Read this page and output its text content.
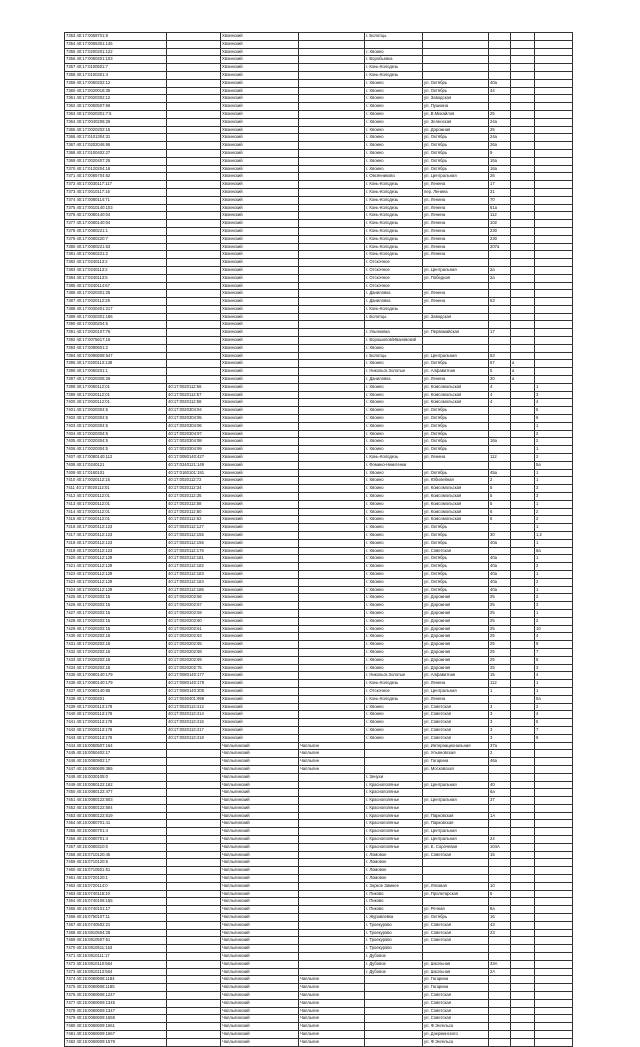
7353 40:17:0059701:8		Хвоинский		г. Болотцы				
7354 40:17:0065301:145		Хвоинский						
7355 40:17:0200201:122		Хвоинский		г. Хвоино				
7356 40:17:0050401:103		Хвоинский		г. Воробьевка				
7357 40:17:0100501:7		Хвоинский		г. Конь-Колодезь				
7358 40:17:0100301:4		Хвоинский		г. Конь-Колодезь				
7359 40:17:0050202:12		Хвоинский		г. Хвоино	ул. Октябрь	40а		
7360 40:17:0020016:35		Хвоинский		г. Хвоино	ул. Октябрь	44		
7361 40:17:0020302:12		Хвоинский		г. Хвоино	ул. Заводская			
7362 40:17:0050507:66		Хвоинский		г. Хвоино	ул. Пушкина			
7363 40:17:0020301:7:6		Хвоинский		г. Хвоино	ул. В.Михайлов	25		
7364 40:17:0040206:26		Хвоинский		г. Хвоино	ул. Зеленская	24а		
7365 40:17:0020202:15		Хвоинский		г. Хвоино	ул. Дорожная	25		
7366 40:17:0101304:31		Хвоинский		г. Хвоино	ул. Октябрь	24а		
7367 40:17:0202046:66		Хвоинский		г. Хвоино	ул. Октябрь	26а		
7368 40:17:0100402:27		Хвоинский		г. Хвоино	ул. Октябрь	9		
7369 40:17:0020407:25		Хвоинский		г. Хвоино	ул. Октябрь	16а		
7370 40:17:0120204:16		Хвоинский		г. Хвоино	ул. Октябрь	16а		
7371 40:17:0065704:62		Хвоинский		г. Овсянниково	ул. Центральная	26		
7372 40:17:0030117:117		Хвоинский		г. Конь-Колодезь	ул. Ленина	17		
7373 40:17:0010117:16		Хвоинский		г. Конь-Колодезь	пер. Ленина	31		
7374 40:17:0080114:71		Хвоинский		г. Конь-Колодезь	ул. Ленина	70		
7375 40:17:0010140:103		Хвоинский		г. Конь-Колодезь	ул. Ленина	61а		
7376 40:17:0080140:04		Хвоинский		г. Конь-Колодезь	ул. Ленина	112		
7377 40:17:0080140:04		Хвоинский		г. Конь-Колодезь	ул. Ленина	102		
7378 40:17:0080221:1		Хвоинский		г. Конь-Колодезь	ул. Ленина	230		
7379 40:17:0080220:7		Хвоинский		г. Конь-Колодезь	ул. Ленина	230		
7380 40:17:0080221:53		Хвоинский		г. Конь-Колодезь	ул. Ленина	207а		
7381 40:17:0060221:2		Хвоинский		г. Конь-Колодезь	ул. Ленина			
7382 40:17:0240113:2		Хвоинский		г. Отскочное				
7383 40:17:0240113:2		Хвоинский		г. Отскочное	ул. Центральная	2а		
7384 40:17:0240113:5		Хвоинский		г. Отскочное	ул. Победная	2а		
7385 40:17:0240114:67		Хвоинский		г. Отскочное				
7386 40:17:0020301:25		Хвоинский		г. Даниловка	ул. Ленина			
7387 40:17:0020112:28		Хвоинский		г. Даниловка	ул. Ленина	53		
7388 40:17:0030401:217		Хвоинский		г. Конь-Колодезь				
7389 40:17:0030301:186		Хвоинский		г. Болотцы	ул. Заводская			
7390 40:17:0030204:5		Хвоинский						
7391 40:17:0020107:76		Хвоинский		г. Ульяновка	ул. Первомайская	17		
7392 40:17:0075617:16		Хвоинский		г. Ворошилов/Ивановский				
7393 40:17:0090601:2		Хвоинский		г. Хвоино				
7394 40:17:0090608:547		Хвоинский		г. Болотцы	ул. Центральная	63		
7395 40:17:0200113:138		Хвоинский		г. Хвоино	ул. Октябрь	67	а	
7396 40:17:0050201:1		Хвоинский		г. Никольск Золотые	ул. Алфавитная	5	а	
7397 40:17:0020306:26		Хвоинский		г. Даниловка	ул. Ленина	30	а	
7398 40:17:0050112:01	40:17:0020112:56	Хвоинский		г. Хвоино	ул. Комсомольская	4		1
7399 40:17:0020112:01	40:17:0020112:57	Хвоинский		г. Хвоино	ул. Комсомольская	4		3
7400 40:17:0020112:01	40:17:0020112:58	Хвоинский		г. Хвоино	ул. Комсомольская	4		4
7401 40:17:0020304:5	40:17:0020304:94	Хвоинский		г. Хвоино	ул. Октябрь			5
7402 40:17:0020304:5	40:17:0020304:95	Хвоинский		г. Хвоино	ул. Октябрь			6
7403 40:17:0020304:5	40:17:0020304:96	Хвоинский		г. Хвоино	ул. Октябрь			1
7404 40:17:0020304:5	40:17:0020304:97	Хвоинский		г. Хвоино	ул. Октябрь			2
7405 40:17:0020304:5	40:17:0020304:98	Хвоинский		г. Хвоино	ул. Октябрь	16а		2
7406 40:17:0020304:5	40:17:0020304:99	Хвоинский		г. Хвоино	ул. Октябрь			1
7407 40:17:0080140:112	40:17:0080140:427	Хвоинский		г. Конь-Колодезь	ул. Ленина	112		2
7408 40:17:0240121	40:17:0240121:149	Хвоинский		г. Фомино-Никитенки				5а
7409 40:17:0160101	40:17:0160101:191	Хвоинский		г. Хвоино	ул. Октябрь	45а		1
7410 40:17:0020112:15	40:17:0020112:72	Хвоинский		г. Хвоино	ул. Юбилейная	2		1
7411 40:17:0020112:01	40:17:0020112:34	Хвоинский		г. Хвоино	ул. Комсомольская	5		3
7412 40:17:0020112:01	40:17:0020112:35	Хвоинский		г. Хвоино	ул. Комсомольская	5		3
7413 40:17:0020112:01	40:17:0020112:58	Хвоинский		г. Хвоино	ул. Комсомольская	5		1
7414 40:17:0020112:01	40:17:0020112:60	Хвоинский		г. Хвоино	ул. Комсомольская	6		2
7415 40:17:0020112:01	40:17:0020112:62	Хвоинский		г. Хвоино	ул. Комсомольская	6		2
7416 40:17:0020112:123	40:17:0020112:127	Хвоинский		г. Хвоино	ул. Октябрь			1
7417 40:17:0020112:123	40:17:0020112:155	Хвоинский		г. Хвоино	ул. Октябрь	30		1,2
7418 40:17:0020112:123	40:17:0020112:156	Хвоинский		г. Хвоино	ул. Октябрь	40а		1
7419 40:17:0020112:123	40:17:0020112:176	Хвоинский		г. Хвоино	ул. Советская			6а
7420 40:17:0020112:129	40:17:0020112:181	Хвоинский		г. Хвоино	ул. Октябрь	40а		1
7421 40:17:0020112:129	40:17:0020112:182	Хвоинский		г. Хвоино	ул. Октябрь	40а		2
7422 40:17:0020112:129	40:17:0020112:183	Хвоинский		г. Хвоино	ул. Октябрь	40а		1
7423 40:17:0020112:129	40:17:0020112:184	Хвоинский		г. Хвоино	ул. Октябрь	40а		2
7424 40:17:0020112:129	40:17:0020112:186	Хвоинский		г. Хвоино	ул. Октябрь	40а		1
7425 40:17:0020202:15	40:17:0020202:56	Хвоинский		г. Хвоино	ул. Дорожная	25		2
7426 40:17:0020202:15	40:17:0020202:57	Хвоинский		г. Хвоино	ул. Дорожная	25		3
7427 40:17:0020202:15	40:17:0020202:59	Хвоинский		г. Хвоино	ул. Дорожная	25		1
7428 40:17:0020202:15	40:17:0020202:60	Хвоинский		г. Хвоино	ул. Дорожная	25		2
7429 40:17:0020202:15	40:17:0020202:61	Хвоинский		г. Хвоино	ул. Дорожная	25		10
7430 40:17:0020202:15	40:17:0020202:63	Хвоинский		г. Хвоино	ул. Дорожная	25		4
7431 40:17:0020202:15	40:17:0020202:65	Хвоинский		г. Хвоино	ул. Дорожная	25		9
7432 40:17:0020202:15	40:17:0020202:68	Хвоинский		г. Хвоино	ул. Дорожная	25		7
7433 40:17:0020202:15	40:17:0020202:69	Хвоинский		г. Хвоино	ул. Дорожная	25		8
7434 40:17:0020202:15	40:17:0020202:75	Хвоинский		г. Хвоино	ул. Дорожная	25		3
7435 40:17:0080140:179	40:17:0080140:177	Хвоинский		г. Никольск Золотые	ул. Алфавитная	15		4
7436 40:17:0080140:179	40:17:0080140:178	Хвоинский		г. Конь-Колодезь	ул. Ленина	112		1
7437 40:17:0080140:65	40:17:0080140:205	Хвоинский		г. Отскочное	ул. Центральная	1		1
7438 40:17:0030401	40:17:0030401:998	Хвоинский		г. Конь-Колодезь	ул. Ленина			5а
7439 40:17:0020113:178	40:17:0020113:412	Хвоинский		г. Хвоино	ул. Советская	3		2
7440 40:17:0020113:178	40:17:0020113:414	Хвоинский		г. Хвоино	ул. Советская	3		4
7441 40:17:0020113:178	40:17:0020113:415	Хвоинский		г. Хвоино	ул. Советская	3		5
7442 40:17:0020113:178	40:17:0020113:417	Хвоинский		г. Хвоино	ул. Советская	3		7
7443 40:17:0020113:178	40:17:0020113:418	Хвоинский		г. Хвоино	ул. Советская	3		8
7444 40:15:0050507:164		Чаплыгинский	Чаплыгин		ул. Интернациональная	37а		
7445 40:15:0050402:17		Чаплыгинский	Чаплыгин		ул. Ульяновская	2		
7446 40:15:0080902:17		Чаплыгинский	Чаплыгин		ул. Гагарина	46а		
7447 40:15:0060609:365		Чаплыгинский	Чаплыгин		ул. Московская			
7448 40:15:0030105:0		Чаплыгинский		г. Зенухи				
7449 40:15:0080122:162		Чаплыгинский		г. Краснополянье	ул. Центральная	40		
7450 40:15:0080122:477		Чаплыгинский		г. Краснополянье		6а		
7451 40:15:0080122:503		Чаплыгинский		г. Краснополянье	ул. Центральная	37		
7452 40:15:0080122:504		Чаплыгинский		г. Краснополянье				
7453 40:15:0080122:519		Чаплыгинский		г. Краснополянье	ул. Парковская	1А		
7454 40:15:0080701:41		Чаплыгинский		г. Краснополянье	ул. Парковская			
7455 40:15:0080701:4		Чаплыгинский		г. Краснополянье	ул. Центральная			
7456 40:15:0080701:4		Чаплыгинский		г. Краснополянье	ул. Центральная	24		
7457 40:15:0080310:0		Чаплыгинский		г. Краснополянье	ул. Е. Сорочевая	104А		
7458 40:15:0710120:45		Чаплыгинский		г. Ломовое	ул. Советская	15		
7459 40:15:0710120:5		Чаплыгинский		г. Ломовое				
7460 40:15:0710501:51		Чаплыгинский		г. Ломовое				
7461 40:15:0720120:1		Чаплыгинский		г. Ломовое				
7462 40:15:0720114:0		Чаплыгинский		г. Зоркое Зимнее	ул. Ляховая	10		
7463 40:15:0740116:10		Чаплыгинский		г. Пиково	ул. Пролетарская	5		
7464 40:15:0740106:155		Чаплыгинский		г. Пиково				
7465 40:15:0740101:17		Чаплыгинский		г. Пиково	ул. Речная	8а		
7466 40:15:0750107:11		Чаплыгинский		г. Журавлевка	ул. Октябрь	16		
7467 40:15:0740502:21		Чаплыгинский		г. Троекурово	ул. Советская	43		
7468 40:15:0810504:28		Чаплыгинский		г. Троекурово	ул. Советская	23		
7469 40:15:0810507:51		Чаплыгинский		г. Троекурово	ул. Советская			
7470 40:15:0810511:153		Чаплыгинский		г. Троекурово				
7471 40:15:0810111:17		Чаплыгинский		г. Дубовое				
7472 40:15:0810110:564		Чаплыгинский		г. Дубовое	ул. Школьная	33А		
7473 40:15:0810113:564		Чаплыгинский		г. Дубовое	ул. Школьная	2А		
7474 40:15:0060608:1184		Чаплыгинский	Чаплыгин		ул. Гагарина			
7475 40:15:0060608:1185		Чаплыгинский	Чаплыгин		ул. Гагарина			
7476 40:15:0060608:1247		Чаплыгинский	Чаплыгин		ул. Советская			
7477 40:15:0060609:1345		Чаплыгинский	Чаплыгин		ул. Советская			
7478 40:15:0060609:1347		Чаплыгинский	Чаплыгин		ул. Советская			
7479 40:15:0060609:1555		Чаплыгинский	Чаплыгин		ул. Советская			
7480 40:15:0060609:1561		Чаплыгинский	Чаплыгин		ул. Ф.Энгельса			
7481 40:15:0060609:1567		Чаплыгинский	Чаплыгин		ул. Дзержинского			
7482 40:15:0060609:1579		Чаплыгинский	Чаплыгин		ул. Ф.Энгельса			
